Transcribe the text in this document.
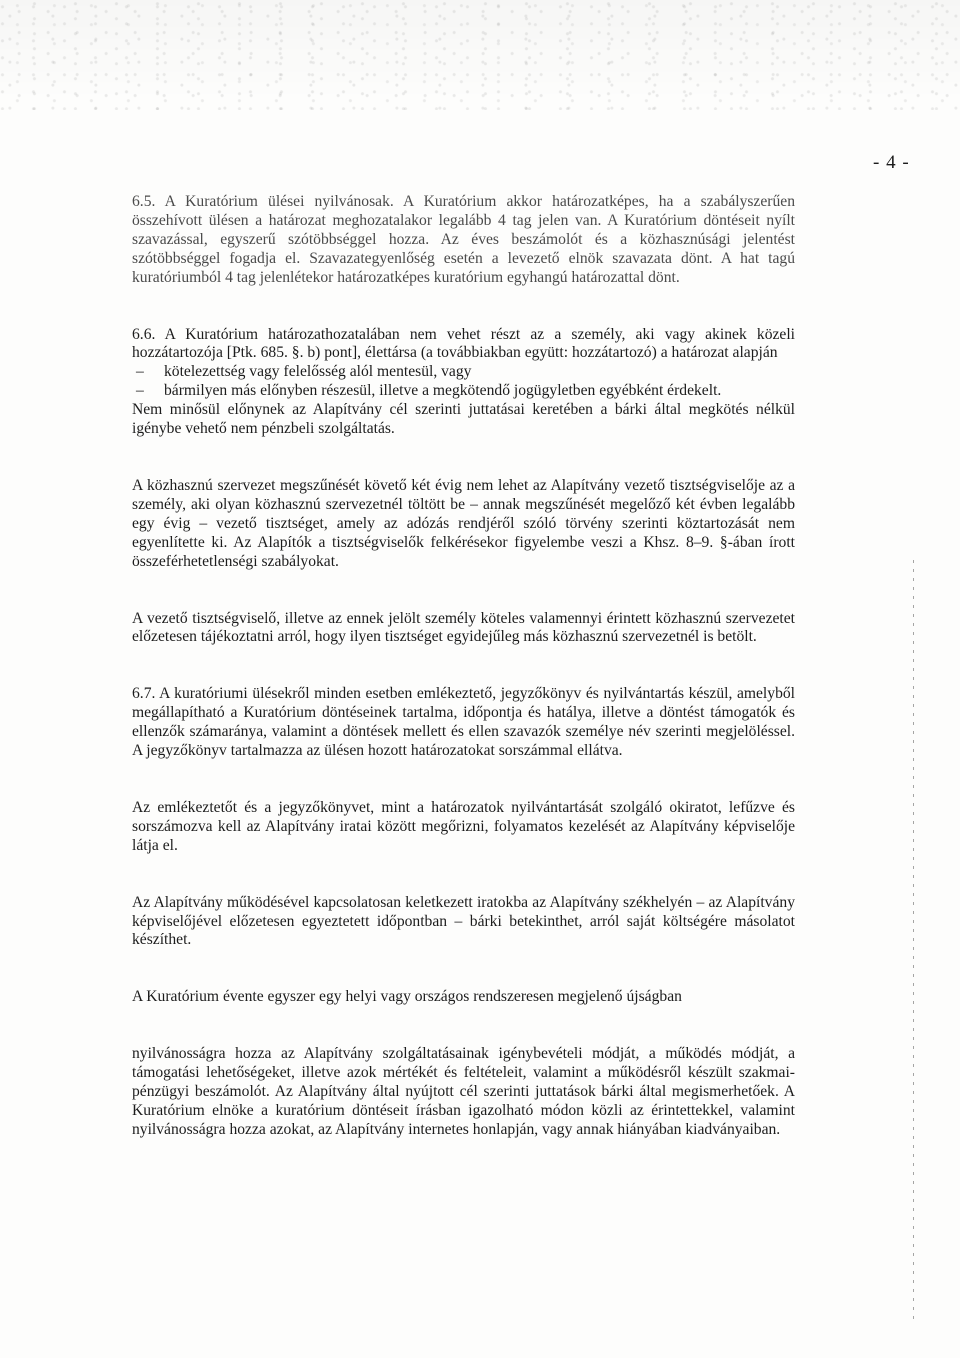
- 4 -

6.5. A Kuratórium ülései nyilvánosak. A Kuratórium akkor határozatképes, ha a szabályszerűen összehívott ülésen a határozat meghozatalakor legalább 4 tag jelen van. A Kuratórium döntéseit nyílt szavazással, egyszerű szótöbbséggel hozza. Az éves beszámolót és a közhasznúsági jelentést szótöbbséggel fogadja el. Szavazategyenlőség esetén a levezető elnök szavazata dönt. A hat tagú kuratóriumból 4 tag jelenlétekor határozatképes kuratórium egyhangú határozattal dönt.

6.6. A Kuratórium határozathozatalában nem vehet részt az a személy, aki vagy akinek közeli hozzátartozója [Ptk. 685. §. b) pont], élettársa (a továbbiakban együtt: hozzátartozó) a határozat alapján

–	kötelezettség vagy felelősség alól mentesül, vagy
–	bármilyen más előnyben részesül, illetve a megkötendő jogügyletben egyébként érdekelt.

Nem minősül előnynek az Alapítvány cél szerinti juttatásai keretében a bárki által megkötés nélkül igénybe vehető nem pénzbeli szolgáltatás.

A közhasznú szervezet megszűnését követő két évig nem lehet az Alapítvány vezető tisztségviselője az a személy, aki olyan közhasznú szervezetnél töltött be – annak megszűnését megelőző két évben legalább egy évig – vezető tisztséget, amely az adózás rendjéről szóló törvény szerinti köztartozását nem egyenlítette ki. Az Alapítók a tisztségviselők felkérésekor figyelembe veszi a Khsz. 8–9. §-ában írott összeférhetetlenségi szabályokat.

A vezető tisztségviselő, illetve az ennek jelölt személy köteles valamennyi érintett közhasznú szervezetet előzetesen tájékoztatni arról, hogy ilyen tisztséget egyidejűleg más közhasznú szervezetnél is betölt.

6.7. A kuratóriumi ülésekről minden esetben emlékeztető, jegyzőkönyv és nyilvántartás készül, amelyből megállapítható a Kuratórium döntéseinek tartalma, időpontja és hatálya, illetve a döntést támogatók és ellenzők számaránya, valamint a döntések mellett és ellen szavazók személye név szerinti megjelöléssel. A jegyzőkönyv tartalmazza az ülésen hozott határozatokat sorszámmal ellátva.

Az emlékeztetőt és a jegyzőkönyvet, mint a határozatok nyilvántartását szolgáló okiratot, lefűzve és sorszámozva kell az Alapítvány iratai között megőrizni, folyamatos kezelését az Alapítvány képviselője látja el.

Az Alapítvány működésével kapcsolatosan keletkezett iratokba az Alapítvány székhelyén – az Alapítvány képviselőjével előzetesen egyeztetett időpontban – bárki betekinthet, arról saját költségére másolatot készíthet.

A Kuratórium évente egyszer egy helyi vagy országos rendszeresen megjelenő újságban

nyilvánosságra hozza az Alapítvány szolgáltatásainak igénybevételi módját, a működés módját, a támogatási lehetőségeket, illetve azok mértékét és feltételeit, valamint a működésről készült szakmai-pénzügyi beszámolót. Az Alapítvány által nyújtott cél szerinti juttatások bárki által megismerhetőek. A Kuratórium elnöke a kuratórium döntéseit írásban igazolható módon közli az érintettekkel, valamint nyilvánosságra hozza azokat, az Alapítvány internetes honlapján, vagy annak hiányában kiadványaiban.
